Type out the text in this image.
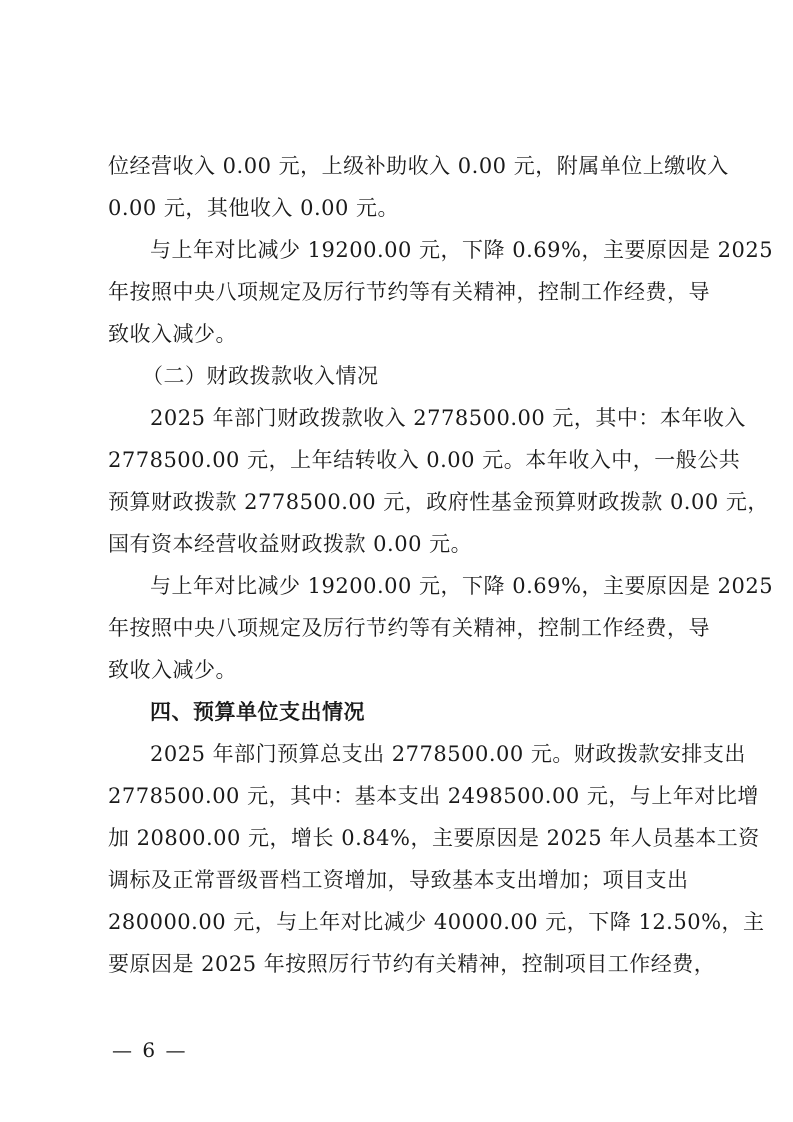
位经营收入 0.00 元，上级补助收入 0.00 元，附属单位上缴收入
0.00 元，其他收入 0.00 元。
与上年对比减少 19200.00 元，下降 0.69%，主要原因是 2025
年按照中央八项规定及厉行节约等有关精神，控制工作经费，导
致收入减少。
（二）财政拨款收入情况
2025 年部门财政拨款收入 2778500.00 元，其中：本年收入
2778500.00 元，上年结转收入 0.00 元。本年收入中，一般公共
预算财政拨款 2778500.00 元，政府性基金预算财政拨款 0.00 元，
国有资本经营收益财政拨款 0.00 元。
与上年对比减少 19200.00 元，下降 0.69%，主要原因是 2025
年按照中央八项规定及厉行节约等有关精神，控制工作经费，导
致收入减少。
四、预算单位支出情况
2025 年部门预算总支出 2778500.00 元。财政拨款安排支出
2778500.00 元，其中：基本支出 2498500.00 元，与上年对比增
加 20800.00 元，增长 0.84%，主要原因是 2025 年人员基本工资
调标及正常晋级晋档工资增加，导致基本支出增加；项目支出
280000.00 元，与上年对比减少 40000.00 元，下降 12.50%，主
要原因是 2025 年按照厉行节约有关精神，控制项目工作经费，
— 6 —
